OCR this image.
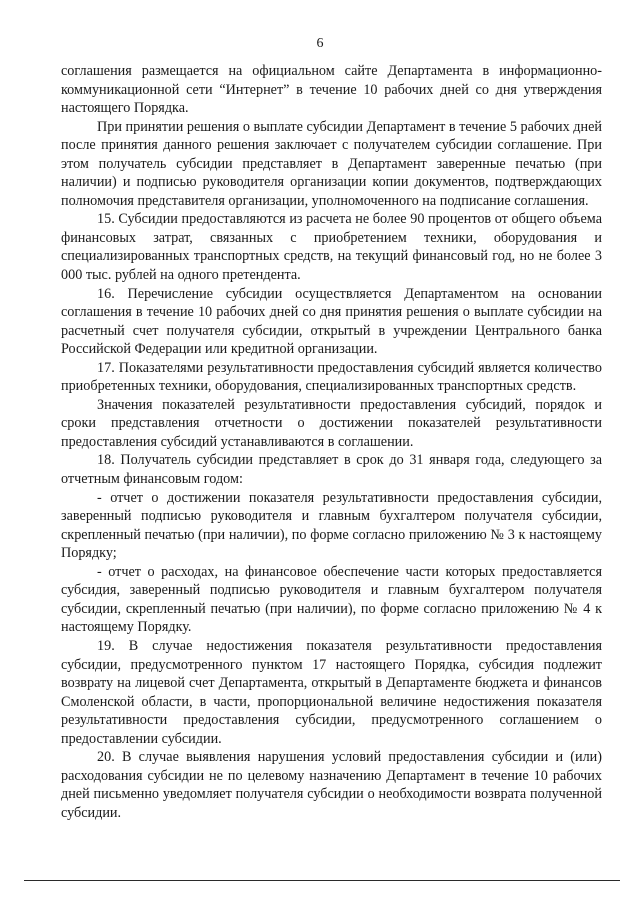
6

соглашения размещается на официальном сайте Департамента в информационно-коммуникационной сети “Интернет” в течение 10 рабочих дней со дня утверждения настоящего Порядка.

При принятии решения о выплате субсидии Департамент в течение 5 рабочих дней после принятия данного решения заключает с получателем субсидии соглашение. При этом получатель субсидии представляет в Департамент заверенные печатью (при наличии) и подписью руководителя организации копии документов, подтверждающих полномочия представителя организации, уполномоченного на подписание соглашения.

15. Субсидии предоставляются из расчета не более 90 процентов от общего объема финансовых затрат, связанных с приобретением техники, оборудования и специализированных транспортных средств, на текущий финансовый год, но не более 3 000 тыс. рублей на одного претендента.

16. Перечисление субсидии осуществляется Департаментом на основании соглашения в течение 10 рабочих дней со дня принятия решения о выплате субсидии на расчетный счет получателя субсидии, открытый в учреждении Центрального банка Российской Федерации или кредитной организации.

17. Показателями результативности предоставления субсидий является количество приобретенных техники, оборудования, специализированных транспортных средств.

Значения показателей результативности предоставления субсидий, порядок и сроки представления отчетности о достижении показателей результативности предоставления субсидий устанавливаются в соглашении.

18. Получатель субсидии представляет в срок до 31 января года, следующего за отчетным финансовым годом:

- отчет о достижении показателя результативности предоставления субсидии, заверенный подписью руководителя и главным бухгалтером получателя субсидии, скрепленный печатью (при наличии), по форме согласно приложению № 3 к настоящему Порядку;

- отчет о расходах, на финансовое обеспечение части которых предоставляется субсидия, заверенный подписью руководителя и главным бухгалтером получателя субсидии, скрепленный печатью (при наличии), по форме согласно приложению № 4 к настоящему Порядку.

19. В случае недостижения показателя результативности предоставления субсидии, предусмотренного пунктом 17 настоящего Порядка, субсидия подлежит возврату на лицевой счет Департамента, открытый в Департаменте бюджета и финансов Смоленской области, в части, пропорциональной величине недостижения показателя результативности предоставления субсидии, предусмотренного соглашением о предоставлении субсидии.

20. В случае выявления нарушения условий предоставления субсидии и (или) расходования субсидии не по целевому назначению Департамент в течение 10 рабочих дней письменно уведомляет получателя субсидии о необходимости возврата полученной субсидии.
